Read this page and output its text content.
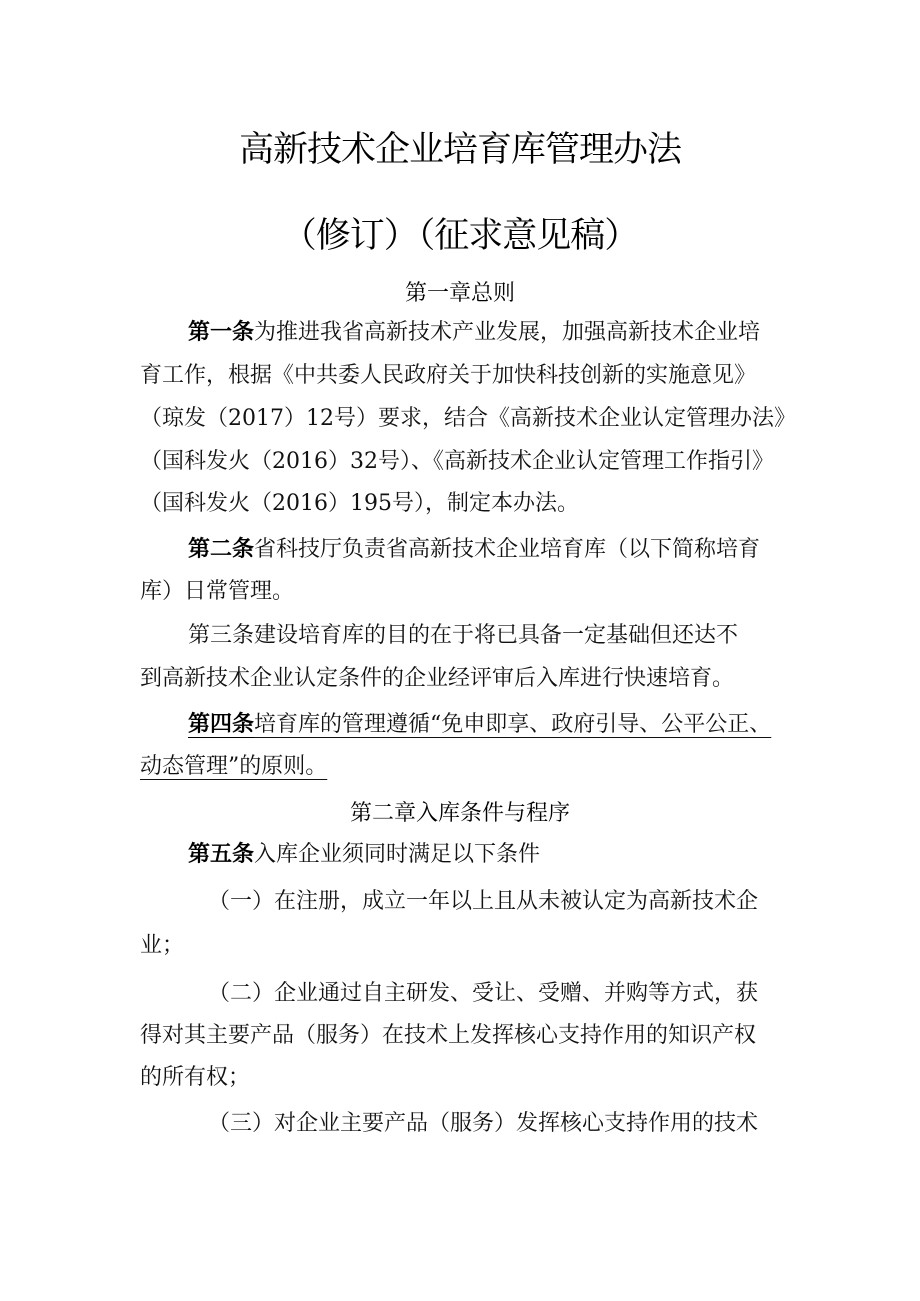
高新技术企业培育库管理办法
（修订）（征求意见稿）
第一章总则
第一条为推进我省高新技术产业发展，加强高新技术企业培
育工作，根据《中共委人民政府关于加快科技创新的实施意见》
（琼发（2017）12号）要求，结合《高新技术企业认定管理办法》
（国科发火（2016）32号）、《高新技术企业认定管理工作指引》
（国科发火（2016）195号），制定本办法。
第二条省科技厅负责省高新技术企业培育库（以下简称培育
库）日常管理。
第三条建设培育库的目的在于将已具备一定基础但还达不
到高新技术企业认定条件的企业经评审后入库进行快速培育。
第四条培育库的管理遵循“免申即享、政府引导、公平公正、
动态管理”的原则。
第二章入库条件与程序
第五条入库企业须同时满足以下条件
（一）在注册，成立一年以上且从未被认定为高新技术企
业；
（二）企业通过自主研发、受让、受赠、并购等方式，获
得对其主要产品（服务）在技术上发挥核心支持作用的知识产权
的所有权；
（三）对企业主要产品（服务）发挥核心支持作用的技术
